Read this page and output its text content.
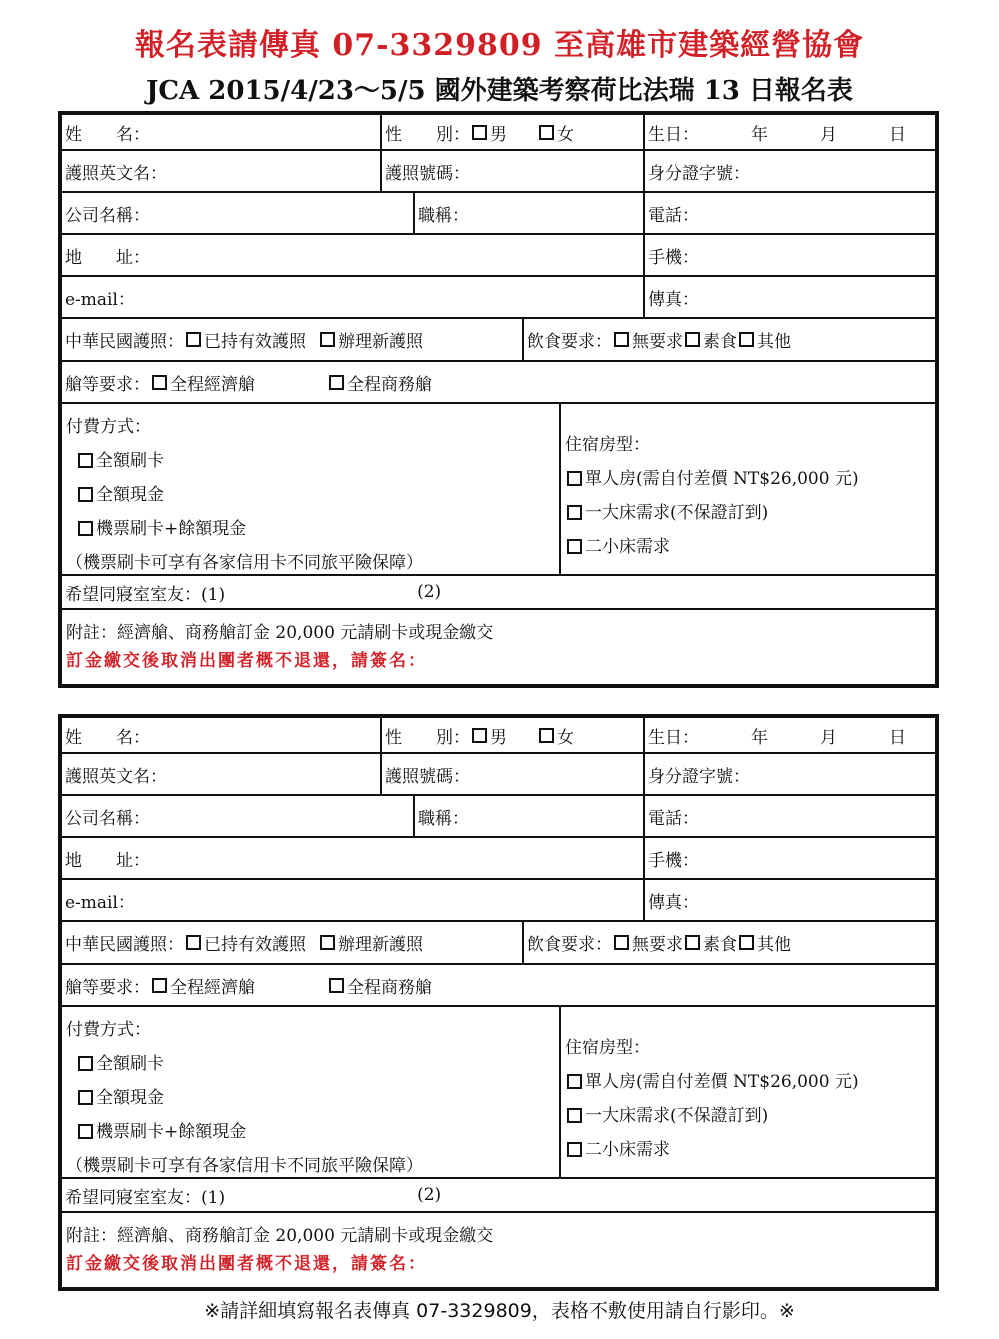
報名表請傳真 07-3329809 至高雄市建築經營協會
JCA 2015/4/23～5/5 國外建築考察荷比法瑞 13 日報名表
姓　　名：	性　　別： 男	女	生日：	年	月	日
護照英文名：	護照號碼：	身分證字號：
公司名稱：	職稱：	電話：
地　　址：	手機：
e-mail：	傳真：
中華民國護照： 已持有效護照 辦理新護照	飲食要求： 無要求 素食 其他
艙等要求： 全程經濟艙	全程商務艙
付費方式：
全額刷卡
全額現金
機票刷卡+餘額現金
（機票刷卡可享有各家信用卡不同旅平險保障）
住宿房型：
單人房(需自付差價 NT$26,000 元)
一大床需求(不保證訂到)
二小床需求
希望同寢室室友：(1)	(2)
附註：經濟艙、商務艙訂金 20,000 元請刷卡或現金繳交
訂金繳交後取消出團者概不退還，請簽名：
姓　　名：	性　　別： 男	女	生日：	年	月	日
護照英文名：	護照號碼：	身分證字號：
公司名稱：	職稱：	電話：
地　　址：	手機：
e-mail：	傳真：
中華民國護照： 已持有效護照 辦理新護照	飲食要求： 無要求 素食 其他
艙等要求： 全程經濟艙	全程商務艙
付費方式：
全額刷卡
全額現金
機票刷卡+餘額現金
（機票刷卡可享有各家信用卡不同旅平險保障）
住宿房型：
單人房(需自付差價 NT$26,000 元)
一大床需求(不保證訂到)
二小床需求
希望同寢室室友：(1)	(2)
附註：經濟艙、商務艙訂金 20,000 元請刷卡或現金繳交
訂金繳交後取消出團者概不退還，請簽名：
※請詳細填寫報名表傳真 07-3329809，表格不敷使用請自行影印。※
